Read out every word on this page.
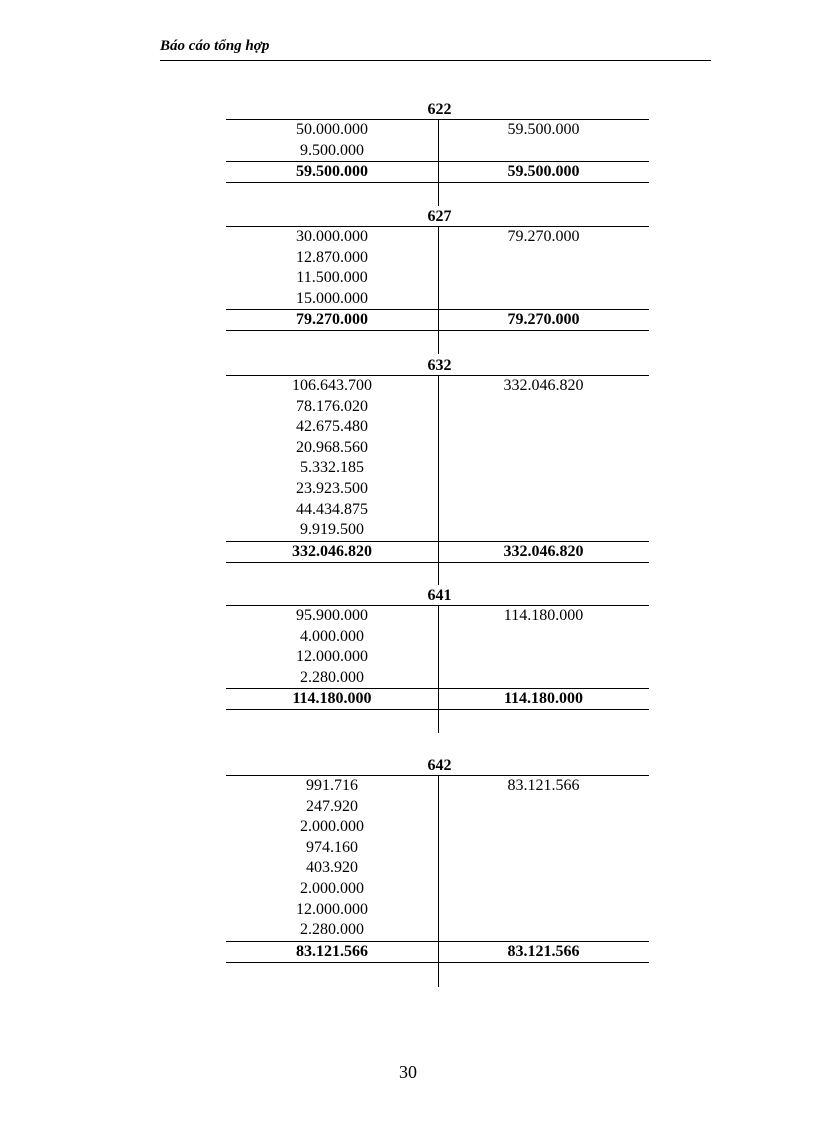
Báo cáo tổng hợp
622
50.000.000	59.500.000
9.500.000
59.500.000	59.500.000
627
30.000.000	79.270.000
12.870.000
11.500.000
15.000.000
79.270.000	79.270.000
632
106.643.700	332.046.820
78.176.020
42.675.480
20.968.560
5.332.185
23.923.500
44.434.875
9.919.500
332.046.820	332.046.820
641
95.900.000	114.180.000
4.000.000
12.000.000
2.280.000
114.180.000	114.180.000
642
991.716	83.121.566
247.920
2.000.000
974.160
403.920
2.000.000
12.000.000
2.280.000
83.121.566	83.121.566
30
